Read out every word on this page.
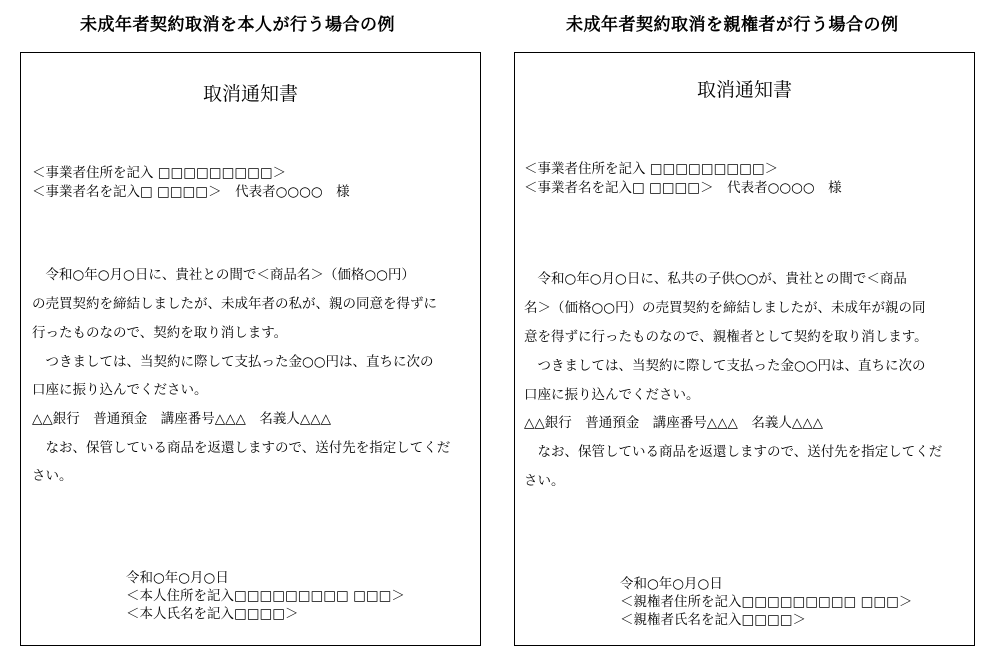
未成年者契約取消を本人が行う場合の例
取消通知書
＜事業者住所を記入 □□□□□□□□□＞
＜事業者名を記入□ □□□□＞　代表者○○○○　様
　令和○年○月○日に、貴社との間で＜商品名＞（価格○○円）
の売買契約を締結しましたが、未成年者の私が、親の同意を得ずに
行ったものなので、契約を取り消します。
　つきましては、当契約に際して支払った金○○円は、直ちに次の
口座に振り込んでください。
△△銀行　普通預金　講座番号△△△　名義人△△△
　なお、保管している商品を返還しますので、送付先を指定してくだ
さい。
令和○年○月○日
＜本人住所を記入□□□□□□□□□ □□□＞
＜本人氏名を記入□□□□＞
未成年者契約取消を親権者が行う場合の例
取消通知書
＜事業者住所を記入 □□□□□□□□□＞
＜事業者名を記入□ □□□□＞　代表者○○○○　様
　令和○年○月○日に、私共の子供○○が、貴社との間で＜商品
名＞（価格○○円）の売買契約を締結しましたが、未成年が親の同
意を得ずに行ったものなので、親権者として契約を取り消します。
　つきましては、当契約に際して支払った金○○円は、直ちに次の
口座に振り込んでください。
△△銀行　普通預金　講座番号△△△　名義人△△△
　なお、保管している商品を返還しますので、送付先を指定してくだ
さい。
令和○年○月○日
＜親権者住所を記入□□□□□□□□□ □□□＞
＜親権者氏名を記入□□□□＞
